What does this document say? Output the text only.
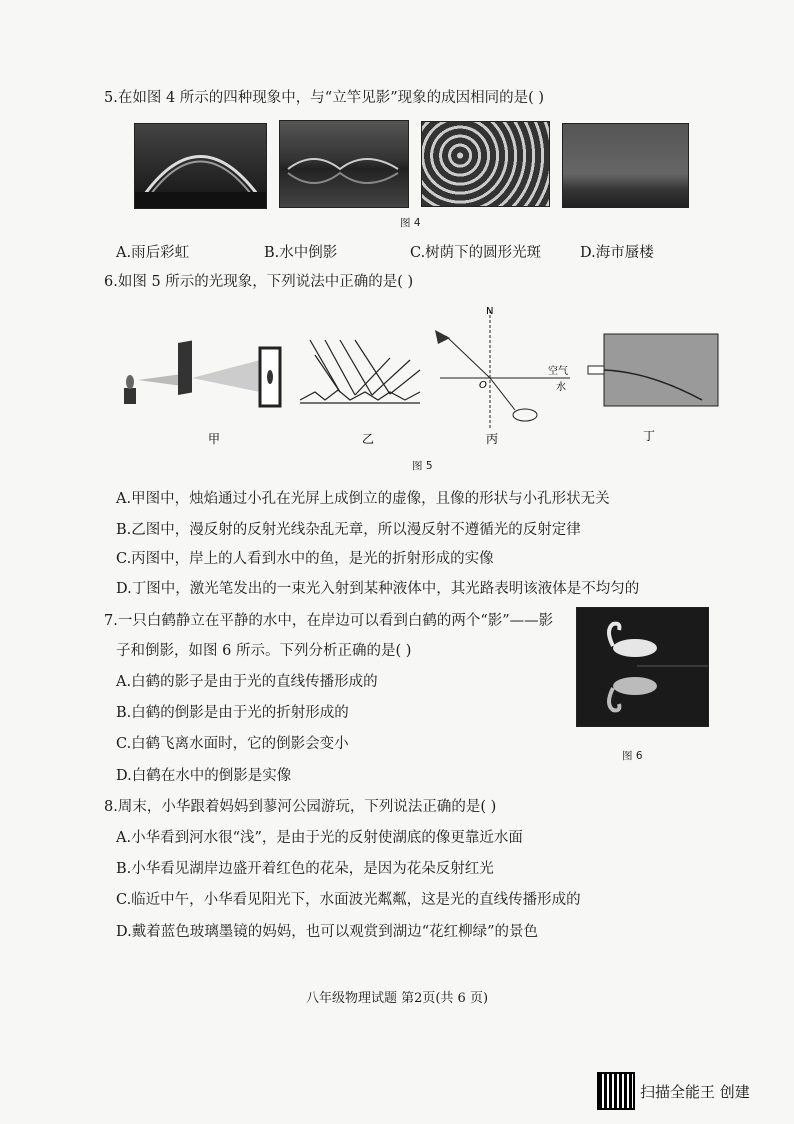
5.在如图 4 所示的四种现象中，与“立竿见影”现象的成因相同的是( )
图 4
A.雨后彩虹	B.水中倒影	C.树荫下的圆形光斑	D.海市蜃楼
6.如图 5 所示的光现象，下列说法中正确的是( )
N
O
空气
水
甲	乙	丙	丁
图 5
A.甲图中，烛焰通过小孔在光屏上成倒立的虚像，且像的形状与小孔形状无关
B.乙图中，漫反射的反射光线杂乱无章，所以漫反射不遵循光的反射定律
C.丙图中，岸上的人看到水中的鱼，是光的折射形成的实像
D.丁图中，激光笔发出的一束光入射到某种液体中，其光路表明该液体是不均匀的
7.一只白鹤静立在平静的水中，在岸边可以看到白鹤的两个“影”——影
子和倒影，如图 6 所示。下列分析正确的是( )
图 6
A.白鹤的影子是由于光的直线传播形成的
B.白鹤的倒影是由于光的折射形成的
C.白鹤飞离水面时，它的倒影会变小
D.白鹤在水中的倒影是实像
8.周末，小华跟着妈妈到蓼河公园游玩，下列说法正确的是( )
A.小华看到河水很“浅”，是由于光的反射使湖底的像更靠近水面
B.小华看见湖岸边盛开着红色的花朵，是因为花朵反射红光
C.临近中午，小华看见阳光下，水面波光粼粼，这是光的直线传播形成的
D.戴着蓝色玻璃墨镜的妈妈，也可以观赏到湖边“花红柳绿”的景色
八年级物理试题 第2页(共 6 页)
扫描全能王 创建
